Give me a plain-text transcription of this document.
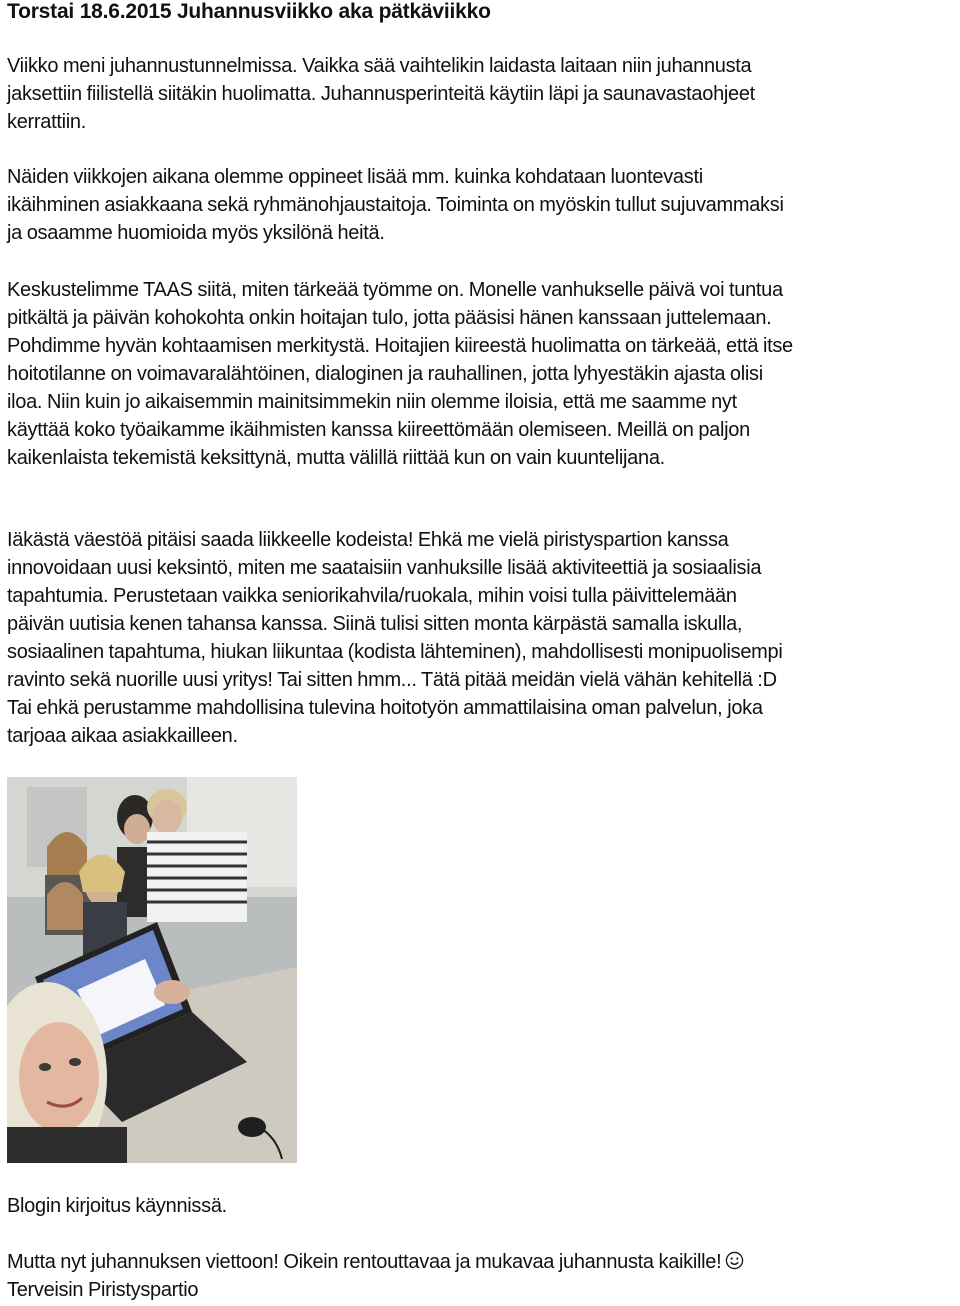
Torstai 18.6.2015 Juhannusviikko aka pätkäviikko

Viikko meni juhannustunnelmissa. Vaikka sää vaihtelikin laidasta laitaan niin juhannusta
jaksettiin fiilistellä siitäkin huolimatta. Juhannusperinteitä käytiin läpi ja saunavastaohjeet
kerrattiin.

Näiden viikkojen aikana olemme oppineet lisää mm. kuinka kohdataan luontevasti
ikäihminen asiakkaana sekä ryhmänohjaustaitoja. Toiminta on myöskin tullut sujuvammaksi
ja osaamme huomioida myös yksilönä heitä.

Keskustelimme TAAS siitä, miten tärkeää työmme on. Monelle vanhukselle päivä voi tuntua
pitkältä ja päivän kohokohta onkin hoitajan tulo, jotta pääsisi hänen kanssaan juttelemaan.
Pohdimme hyvän kohtaamisen merkitystä. Hoitajien kiireestä huolimatta on tärkeää, että itse
hoitotilanne on voimavaralähtöinen, dialoginen ja rauhallinen, jotta lyhyestäkin ajasta olisi
iloa. Niin kuin jo aikaisemmin mainitsimmekin niin olemme iloisia, että me saamme nyt
käyttää koko työaikamme ikäihmisten kanssa kiireettömään olemiseen. Meillä on paljon
kaikenlaista tekemistä keksittynä, mutta välillä riittää kun on vain kuuntelijana.

Iäkästä väestöä pitäisi saada liikkeelle kodeista! Ehkä me vielä piristyspartion kanssa
innovoidaan uusi keksintö, miten me saataisiin vanhuksille lisää aktiviteettiä ja sosiaalisia
tapahtumia. Perustetaan vaikka seniorikahvila/ruokala, mihin voisi tulla päivittelemään
päivän uutisia kenen tahansa kanssa. Siinä tulisi sitten monta kärpästä samalla iskulla,
sosiaalinen tapahtuma, hiukan liikuntaa (kodista lähteminen), mahdollisesti monipuolisempi
ravinto sekä nuorille uusi yritys! Tai sitten hmm... Tätä pitää meidän vielä vähän kehitellä :D
Tai ehkä perustamme mahdollisina tulevina hoitotyön ammattilaisina oman palvelun, joka
tarjoaa aikaa asiakkailleen.

Blogin kirjoitus käynnissä.
Mutta nyt juhannuksen viettoon! Oikein rentouttavaa ja mukavaa juhannusta kaikille!
Terveisin Piristyspartio
